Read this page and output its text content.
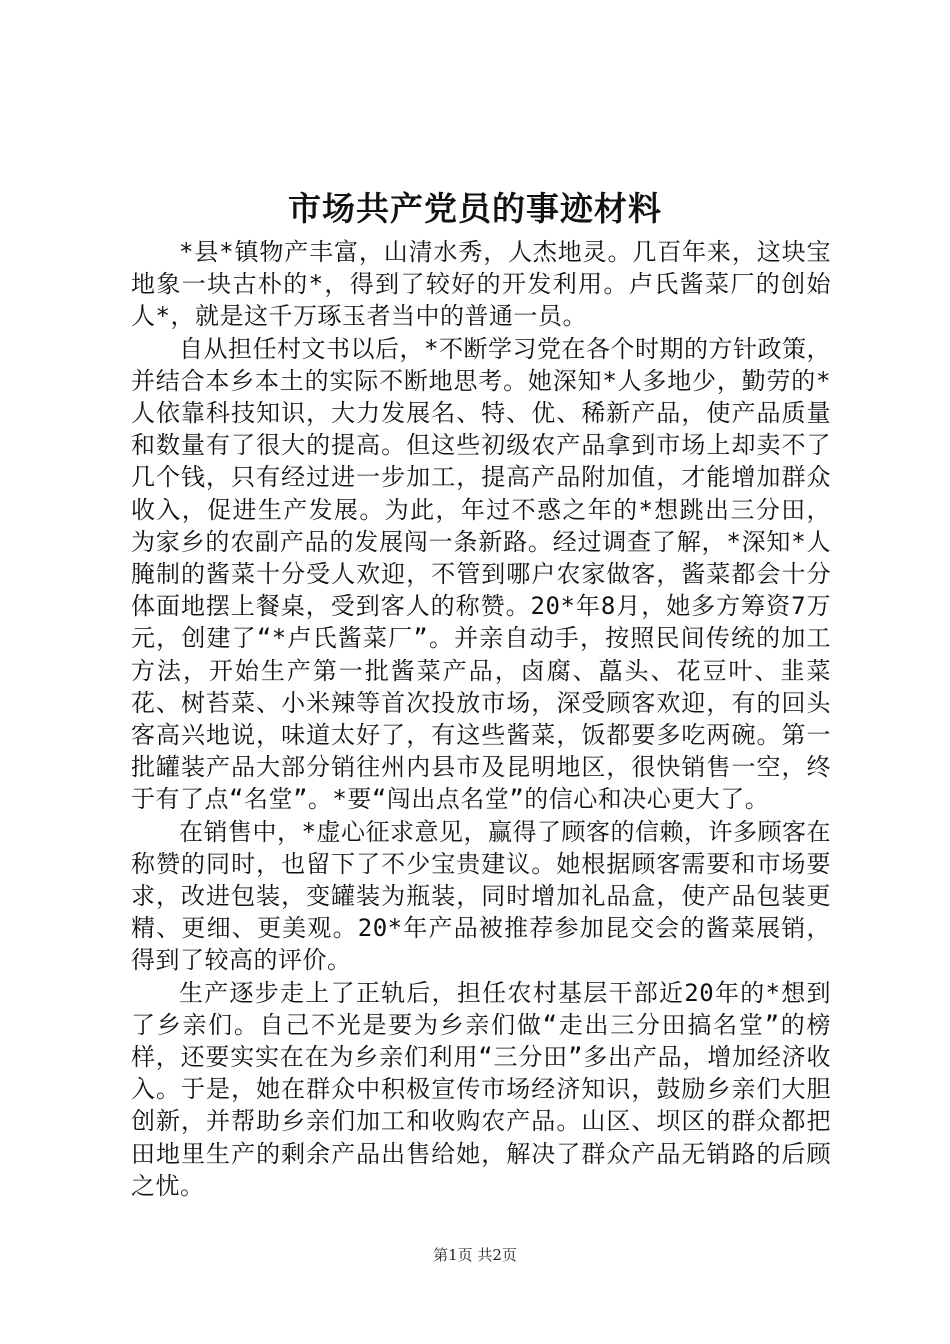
市场共产党员的事迹材料

*县*镇物产丰富，山清水秀，人杰地灵。几百年来，这块宝地象一块古朴的*，得到了较好的开发利用。卢氏酱菜厂的创始人*，就是这千万琢玉者当中的普通一员。

自从担任村文书以后，*不断学习党在各个时期的方针政策，并结合本乡本土的实际不断地思考。她深知*人多地少，勤劳的*人依靠科技知识，大力发展名、特、优、稀新产品，使产品质量和数量有了很大的提高。但这些初级农产品拿到市场上却卖不了几个钱，只有经过进一步加工，提高产品附加值，才能增加群众收入，促进生产发展。为此，年过不惑之年的*想跳出三分田，为家乡的农副产品的发展闯一条新路。经过调查了解，*深知*人腌制的酱菜十分受人欢迎，不管到哪户农家做客，酱菜都会十分体面地摆上餐桌，受到客人的称赞。20*年8月，她多方筹资7万元，创建了“*卢氏酱菜厂”。并亲自动手，按照民间传统的加工方法，开始生产第一批酱菜产品，卤腐、藠头、花豆叶、韭菜花、树苔菜、小米辣等首次投放市场，深受顾客欢迎，有的回头客高兴地说，味道太好了，有这些酱菜，饭都要多吃两碗。第一批罐装产品大部分销往州内县市及昆明地区，很快销售一空，终于有了点“名堂”。*要“闯出点名堂”的信心和决心更大了。

在销售中，*虚心征求意见，赢得了顾客的信赖，许多顾客在称赞的同时，也留下了不少宝贵建议。她根据顾客需要和市场要求，改进包装，变罐装为瓶装，同时增加礼品盒，使产品包装更精、更细、更美观。20*年产品被推荐参加昆交会的酱菜展销，得到了较高的评价。

生产逐步走上了正轨后，担任农村基层干部近20年的*想到了乡亲们。自己不光是要为乡亲们做“走出三分田搞名堂”的榜样，还要实实在在为乡亲们利用“三分田”多出产品，增加经济收入。于是，她在群众中积极宣传市场经济知识，鼓励乡亲们大胆创新，并帮助乡亲们加工和收购农产品。山区、坝区的群众都把田地里生产的剩余产品出售给她，解决了群众产品无销路的后顾之忧。

第1页 共2页
